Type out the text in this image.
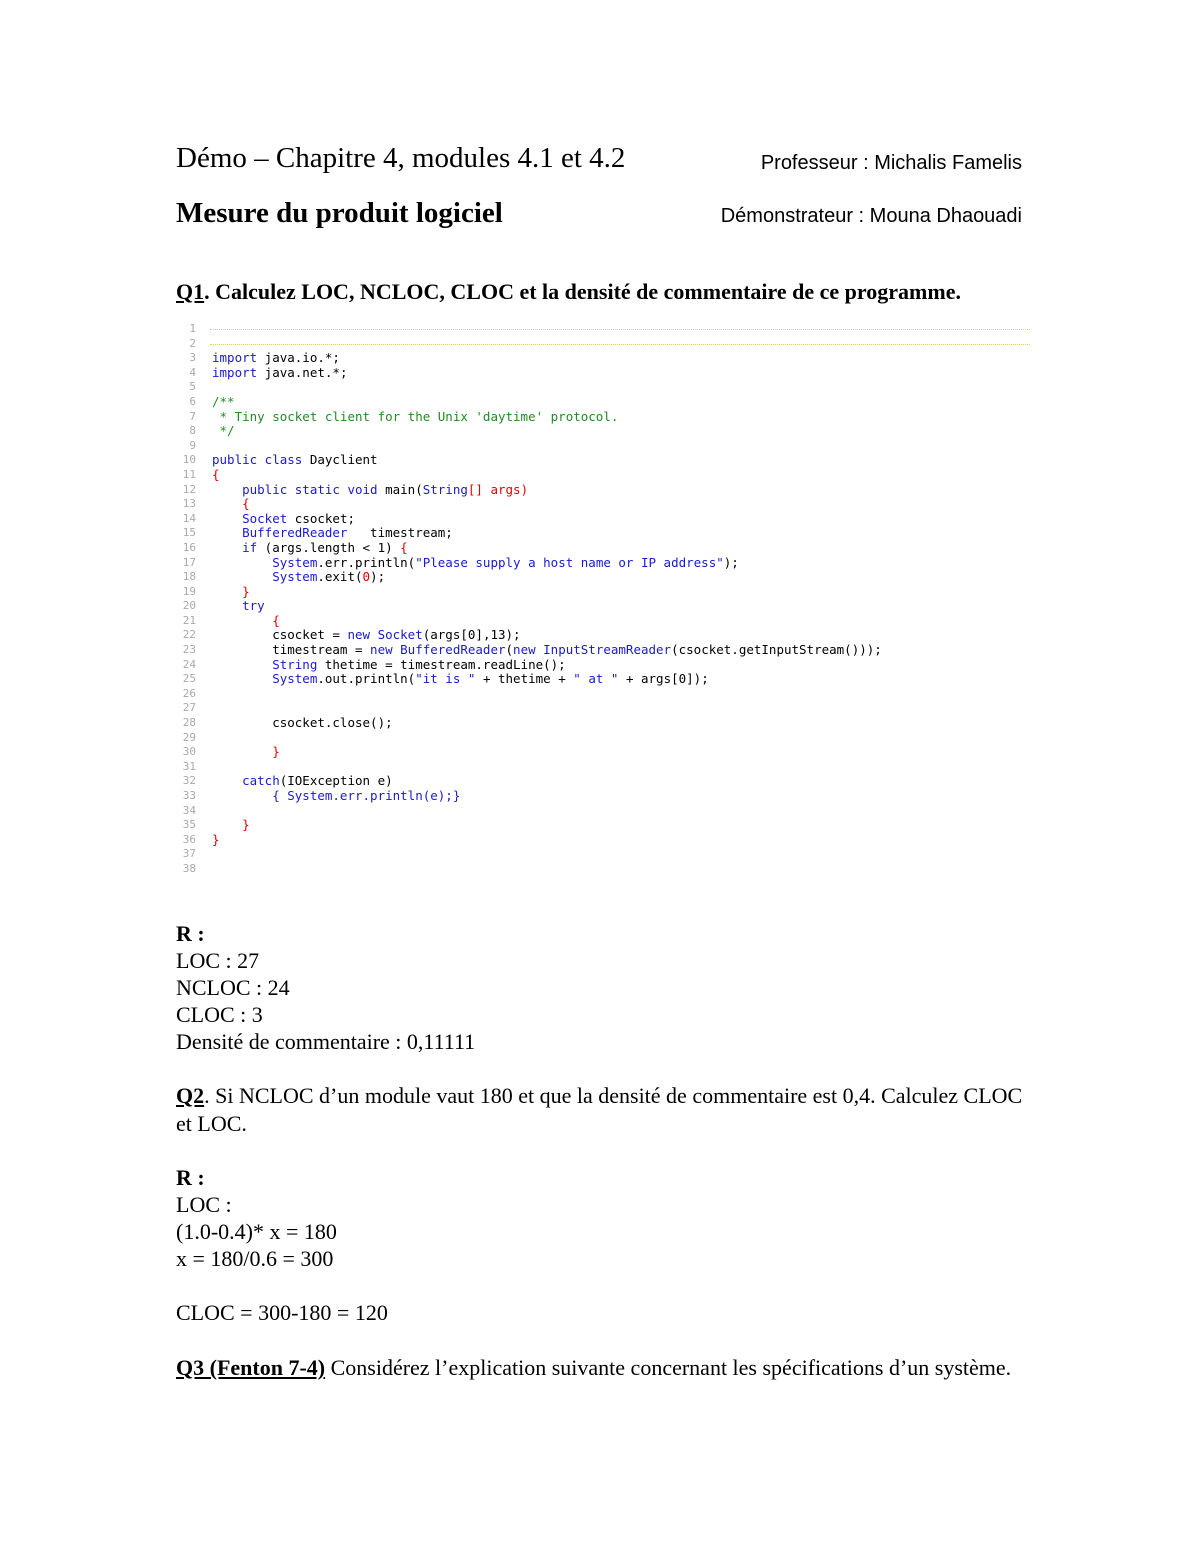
Démo – Chapitre 4, modules 4.1 et 4.2	Professeur : Michalis Famelis
Mesure du produit logiciel	Démonstrateur : Mouna Dhaouadi
Q1. Calculez LOC, NCLOC, CLOC et la densité de commentaire de ce programme.
1
2
3 import java.io.*;
4 import java.net.*;
5
6 /**
7 * Tiny socket client for the Unix 'daytime' protocol.
8 */
9
10 public class Dayclient
11 {
12 public static void main(String[] args)
13 {
14 Socket csocket;
15 BufferedReader   timestream;
16 if (args.length < 1) {
17 System.err.println("Please supply a host name or IP address");
18 System.exit(0);
19 }
20 try
21 {
22 csocket = new Socket(args[0],13);
23 timestream = new BufferedReader(new InputStreamReader(csocket.getInputStream()));
24 String thetime = timestream.readLine();
25 System.out.println("it is " + thetime + " at " + args[0]);
26
27
28 csocket.close();
29
30 }
31
32 catch(IOException e)
33 { System.err.println(e);}
34
35 }
36 }
37
38
R :
LOC : 27
NCLOC : 24
CLOC : 3
Densité de commentaire : 0,11111
Q2. Si NCLOC d’un module vaut 180 et que la densité de commentaire est 0,4. Calculez CLOC et LOC.
R :
LOC :
(1.0-0.4)* x = 180
x = 180/0.6 = 300
CLOC = 300-180 = 120
Q3 (Fenton 7-4) Considérez l’explication suivante concernant les spécifications d’un système.
